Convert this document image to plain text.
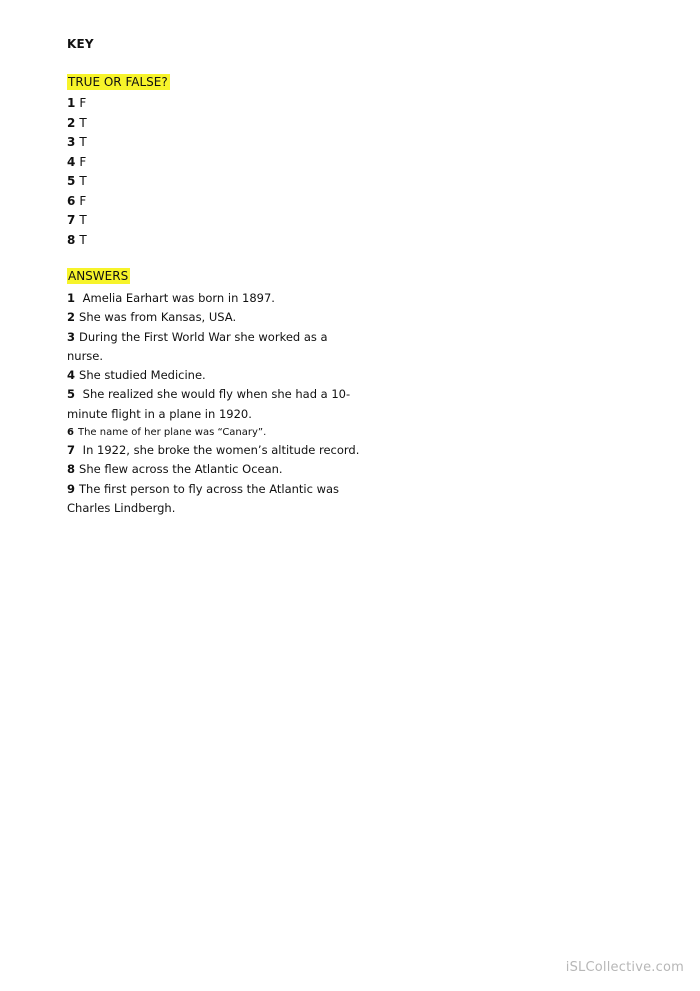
KEY
TRUE OR FALSE?
1 F
2 T
3 T
4 F
5 T
6 F
7 T
8 T
ANSWERS
1 Amelia Earhart was born in 1897.
2 She was from Kansas, USA.
3 During the First World War she worked as a nurse.
4 She studied Medicine.
5 She realized she would fly when she had a 10-minute flight in a plane in 1920.
6 The name of her plane was “Canary”.
7 In 1922, she broke the women’s altitude record.
8 She flew across the Atlantic Ocean.
9 The first person to fly across the Atlantic was Charles Lindbergh.
iSLCollective.com
